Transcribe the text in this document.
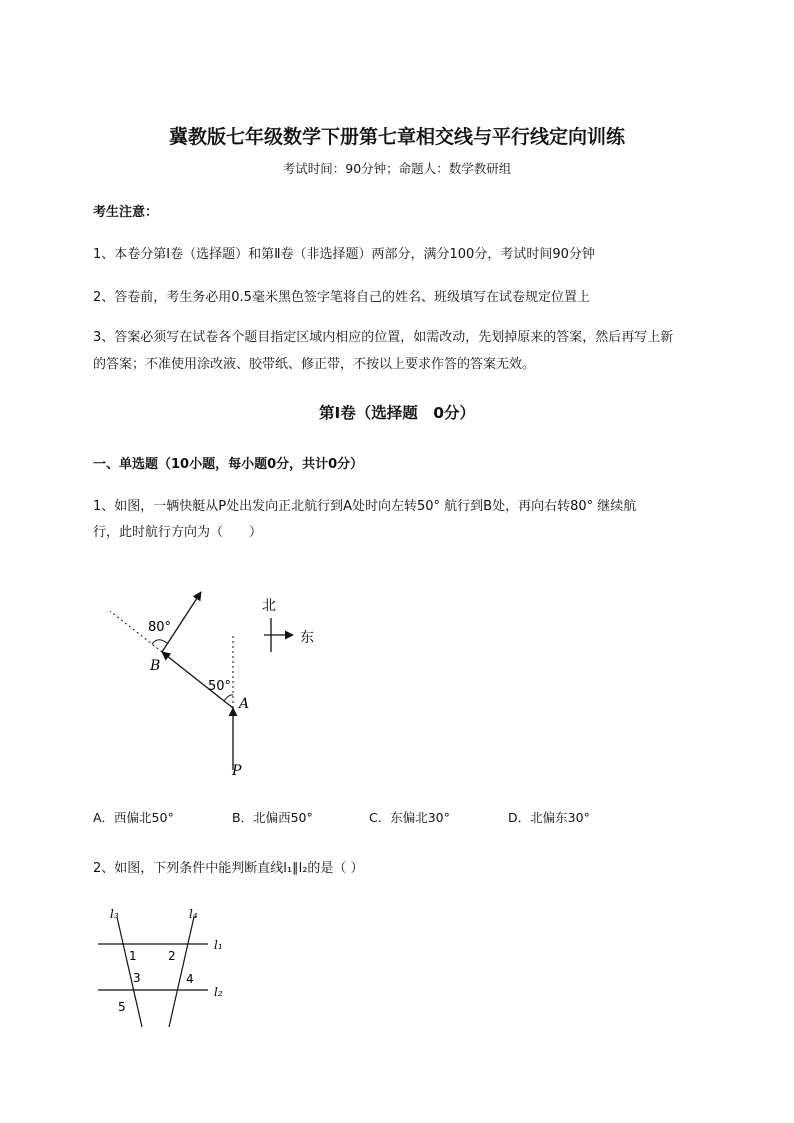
冀教版七年级数学下册第七章相交线与平行线定向训练
考试时间：90分钟；命题人：数学教研组
考生注意：
1、本卷分第Ⅰ卷（选择题）和第Ⅱ卷（非选择题）两部分，满分100分，考试时间90分钟
2、答卷前，考生务必用0.5毫米黑色签字笔将自己的姓名、班级填写在试卷规定位置上
3、答案必须写在试卷各个题目指定区域内相应的位置，如需改动，先划掉原来的答案，然后再写上新
的答案；不准使用涂改液、胶带纸、修正带，不按以上要求作答的答案无效。
第Ⅰ卷（选择题　0分）
一、单选题（10小题，每小题0分，共计0分）
1、如图，一辆快艇从P处出发向正北航行到A处时向左转50° 航行到B处，再向右转80° 继续航
行，此时航行方向为（　　）
80°
50°
B
A
P
北
东
A．西偏北50°	B．北偏西50°	C．东偏北30°	D．北偏东30°
2、如图，下列条件中能判断直线l₁∥l₂的是（ ）
l₃	l₄
l₁
l₂
1	2
3	4
5
